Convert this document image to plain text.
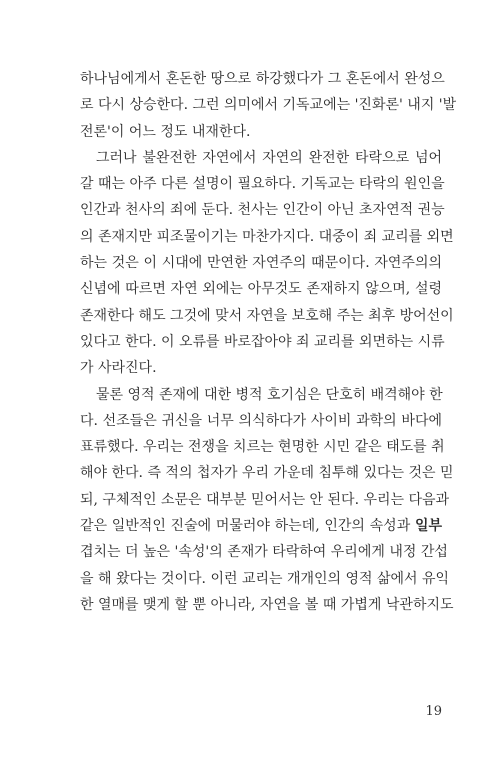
하나님에게서 혼돈한 땅으로 하강했다가 그 혼돈에서 완성으
로 다시 상승한다. 그런 의미에서 기독교에는 '진화론' 내지 '발
전론'이 어느 정도 내재한다.
그러나 불완전한 자연에서 자연의 완전한 타락으로 넘어
갈 때는 아주 다른 설명이 필요하다. 기독교는 타락의 원인을
인간과 천사의 죄에 둔다. 천사는 인간이 아닌 초자연적 권능
의 존재지만 피조물이기는 마찬가지다. 대중이 죄 교리를 외면
하는 것은 이 시대에 만연한 자연주의 때문이다. 자연주의의
신념에 따르면 자연 외에는 아무것도 존재하지 않으며, 설령
존재한다 해도 그것에 맞서 자연을 보호해 주는 최후 방어선이
있다고 한다. 이 오류를 바로잡아야 죄 교리를 외면하는 시류
가 사라진다.
물론 영적 존재에 대한 병적 호기심은 단호히 배격해야 한
다. 선조들은 귀신을 너무 의식하다가 사이비 과학의 바다에
표류했다. 우리는 전쟁을 치르는 현명한 시민 같은 태도를 취
해야 한다. 즉 적의 첩자가 우리 가운데 침투해 있다는 것은 믿
되, 구체적인 소문은 대부분 믿어서는 안 된다. 우리는 다음과
같은 일반적인 진술에 머물러야 하는데, 인간의 속성과 일부
겹치는 더 높은 '속성'의 존재가 타락하여 우리에게 내정 간섭
을 해 왔다는 것이다. 이런 교리는 개개인의 영적 삶에서 유익
한 열매를 맺게 할 뿐 아니라, 자연을 볼 때 가볍게 낙관하지도
19
